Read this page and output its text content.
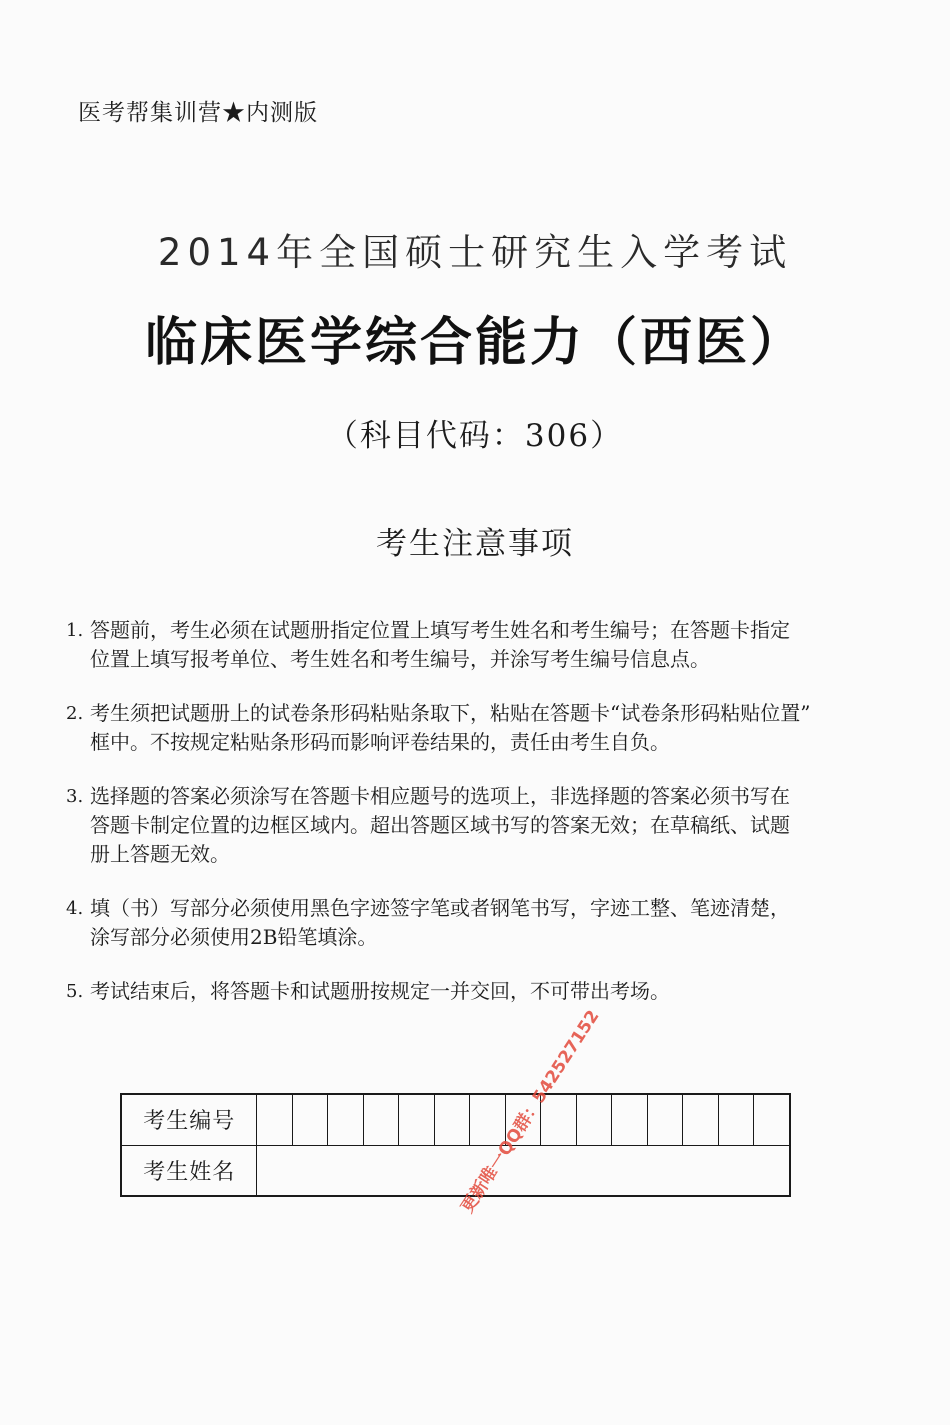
医考帮集训营★内测版
2014年全国硕士研究生入学考试
临床医学综合能力（西医）
（科目代码：306）
考生注意事项
1. 答题前，考生必须在试题册指定位置上填写考生姓名和考生编号；在答题卡指定
位置上填写报考单位、考生姓名和考生编号，并涂写考生编号信息点。
2. 考生须把试题册上的试卷条形码粘贴条取下，粘贴在答题卡“试卷条形码粘贴位置”
框中。不按规定粘贴条形码而影响评卷结果的，责任由考生自负。
3. 选择题的答案必须涂写在答题卡相应题号的选项上，非选择题的答案必须书写在
答题卡制定位置的边框区域内。超出答题区域书写的答案无效；在草稿纸、试题
册上答题无效。
4. 填（书）写部分必须使用黑色字迹签字笔或者钢笔书写，字迹工整、笔迹清楚，
涂写部分必须使用2B铅笔填涂。
5. 考试结束后，将答题卡和试题册按规定一并交回，不可带出考场。
考生编号															
考生姓名																更新唯一QQ群：542527152
